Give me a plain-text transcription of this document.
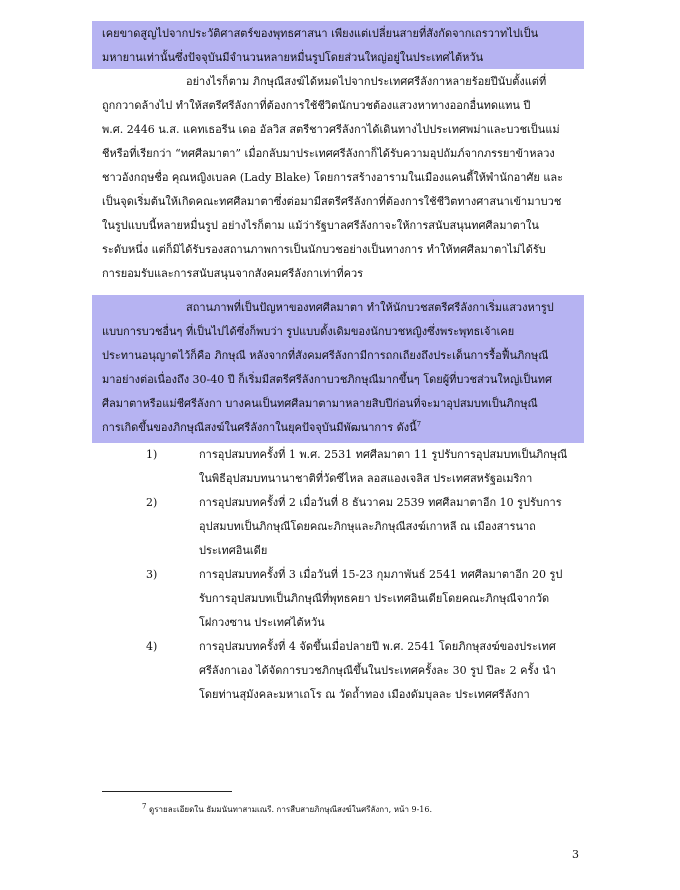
เคยขาดสูญไปจากประวัติศาสตร์ของพุทธศาสนา เพียงแต่เปลี่ยนสายที่สังกัดจากเถรวาทไปเป็น
มหายานเท่านั้นซึ่งปัจจุบันมีจำนวนหลายหมื่นรูปโดยส่วนใหญ่อยู่ในประเทศไต้หวัน
อย่างไรก็ตาม ภิกษุณีสงฆ์ได้หมดไปจากประเทศศรีลังกาหลายร้อยปีนับตั้งแต่ที่
ถูกกวาดล้างไป ทำให้สตรีศรีลังกาที่ต้องการใช้ชีวิตนักบวชต้องแสวงหาทางออกอื่นทดแทน ปี
พ.ศ. 2446 น.ส. แคทเธอรีน เดอ อัลวิส สตรีชาวศรีลังกาได้เดินทางไปประเทศพม่าและบวชเป็นแม่
ชีหรือที่เรียกว่า “ทศศีลมาตา” เมื่อกลับมาประเทศศรีลังกาก็ได้รับความอุปถัมภ์จากภรรยาข้าหลวง
ชาวอังกฤษชื่อ คุณหญิงเบลค (Lady Blake) โดยการสร้างอารามในเมืองแคนดี้ให้พำนักอาศัย และ
เป็นจุดเริ่มต้นให้เกิดคณะทศศีลมาตาซึ่งต่อมามีสตรีศรีลังกาที่ต้องการใช้ชีวิตทางศาสนาเข้ามาบวช
ในรูปแบบนี้หลายหมื่นรูป อย่างไรก็ตาม แม้ว่ารัฐบาลศรีลังกาจะให้การสนับสนุนทศศีลมาตาใน
ระดับหนึ่ง แต่ก็มิได้รับรองสถานภาพการเป็นนักบวชอย่างเป็นทางการ ทำให้ทศศีลมาตาไม่ได้รับ
การยอมรับและการสนับสนุนจากสังคมศรีลังกาเท่าที่ควร
สถานภาพที่เป็นปัญหาของทศศีลมาตา ทำให้นักบวชสตรีศรีลังกาเริ่มแสวงหารูป
แบบการบวชอื่นๆ ที่เป็นไปได้ซึ่งก็พบว่า รูปแบบดั้งเดิมของนักบวชหญิงซึ่งพระพุทธเจ้าเคย
ประทานอนุญาตไว้ก็คือ ภิกษุณี หลังจากที่สังคมศรีลังกามีการถกเถียงถึงประเด็นการรื้อฟื้นภิกษุณี
มาอย่างต่อเนื่องถึง 30-40 ปี ก็เริ่มมีสตรีศรีลังกาบวชภิกษุณีมากขึ้นๆ โดยผู้ที่บวชส่วนใหญ่เป็นทศ
ศีลมาตาหรือแม่ชีศรีลังกา บางคนเป็นทศศีลมาตามาหลายสิบปีก่อนที่จะมาอุปสมบทเป็นภิกษุณี
การเกิดขึ้นของภิกษุณีสงฆ์ในศรีลังกาในยุคปัจจุบันมีพัฒนาการ ดังนี้$^7$
1)	การอุปสมบทครั้งที่ 1 พ.ศ. 2531 ทศศีลมาตา 11 รูปรับการอุปสมบทเป็นภิกษุณี
ในพิธีอุปสมบทนานาชาติที่วัดซีไหล ลอสแองเจลิส ประเทศสหรัฐอเมริกา
2)	การอุปสมบทครั้งที่ 2 เมื่อวันที่ 8 ธันวาคม 2539 ทศศีลมาตาอีก 10 รูปรับการ
อุปสมบทเป็นภิกษุณีโดยคณะภิกษุและภิกษุณีสงฆ์เกาหลี ณ เมืองสารนาถ
ประเทศอินเดีย
3)	การอุปสมบทครั้งที่ 3 เมื่อวันที่ 15-23 กุมภาพันธ์ 2541 ทศศีลมาตาอีก 20 รูป
รับการอุปสมบทเป็นภิกษุณีที่พุทธคยา ประเทศอินเดียโดยคณะภิกษุณีจากวัด
โฝกวงซาน ประเทศไต้หวัน
4)	การอุปสมบทครั้งที่ 4 จัดขึ้นเมื่อปลายปี พ.ศ. 2541 โดยภิกษุสงฆ์ของประเทศ
ศรีลังกาเอง ได้จัดการบวชภิกษุณีขึ้นในประเทศครั้งละ 30 รูป ปีละ 2 ครั้ง นำ
โดยท่านสุมังคละมหาเถโร ณ วัดถ้ำทอง เมืองดัมบุลละ ประเทศศรีลังกา
$^7$ ดูรายละเอียดใน ธัมมนันทาสามเณรี. การสืบสายภิกษุณีสงฆ์ในศรีลังกา, หน้า 9-16.
3
